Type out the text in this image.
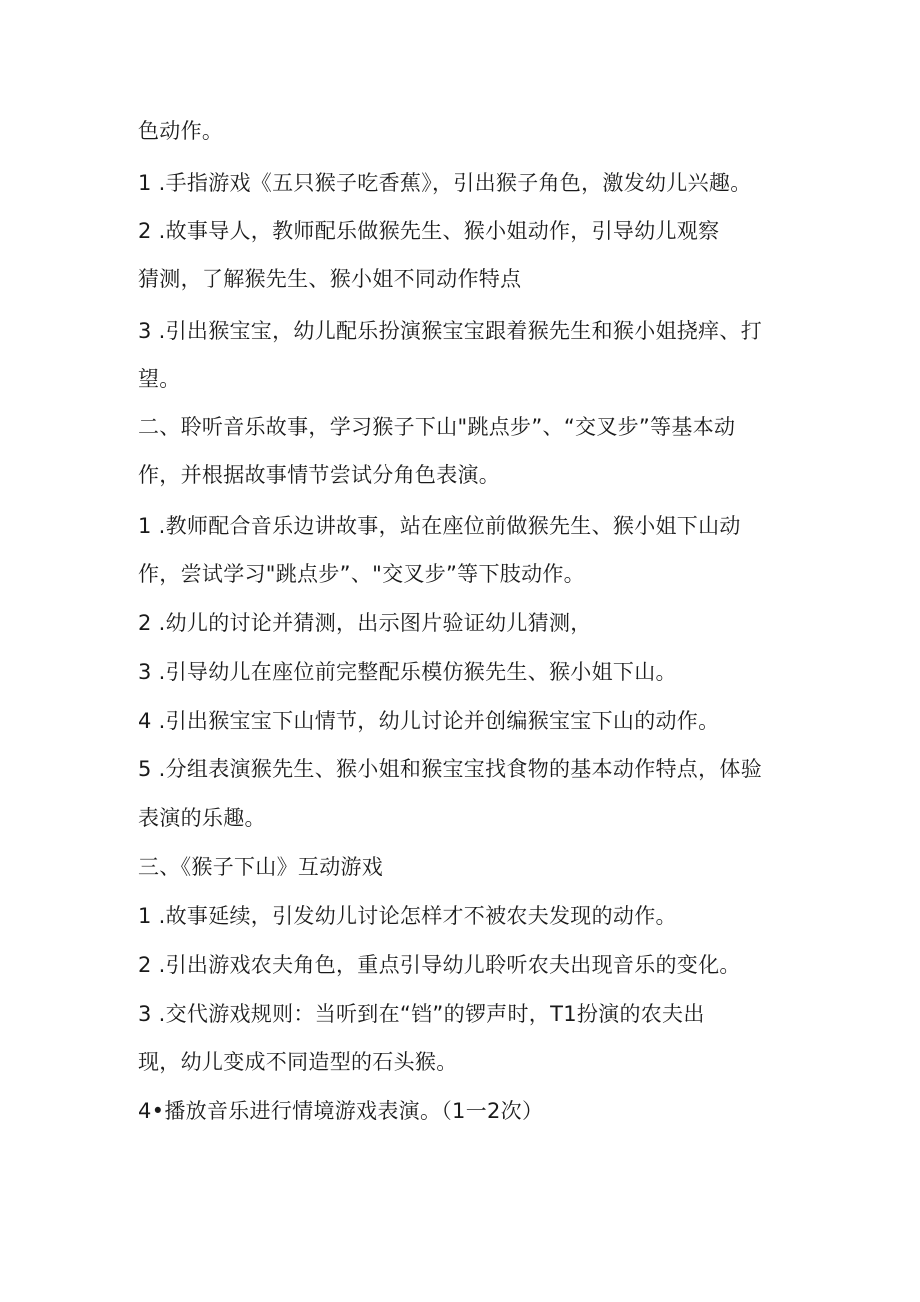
色动作。

1 .手指游戏《五只猴子吃香蕉》，引出猴子角色，激发幼儿兴趣。

2 .故事导人，教师配乐做猴先生、猴小姐动作，引导幼儿观察

猜测，了解猴先生、猴小姐不同动作特点

3 .引出猴宝宝，幼儿配乐扮演猴宝宝跟着猴先生和猴小姐挠痒、打

望。

二、聆听音乐故事，学习猴子下山"跳点步”、“交叉步”等基本动

作，并根据故事情节尝试分角色表演。

1 .教师配合音乐边讲故事，站在座位前做猴先生、猴小姐下山动

作，尝试学习"跳点步”、"交叉步”等下肢动作。

2 .幼儿的讨论并猜测，出示图片验证幼儿猜测，

3 .引导幼儿在座位前完整配乐模仿猴先生、猴小姐下山。

4 .引出猴宝宝下山情节，幼儿讨论并创编猴宝宝下山的动作。

5 .分组表演猴先生、猴小姐和猴宝宝找食物的基本动作特点，体验

表演的乐趣。

三、《猴子下山》互动游戏

1 .故事延续，引发幼儿讨论怎样才不被农夫发现的动作。

2 .引出游戏农夫角色，重点引导幼儿聆听农夫出现音乐的变化。

3 .交代游戏规则：当听到在“铛”的锣声时，T1扮演的农夫出

现，幼儿变成不同造型的石头猴。

4•播放音乐进行情境游戏表演。（1一2次）
